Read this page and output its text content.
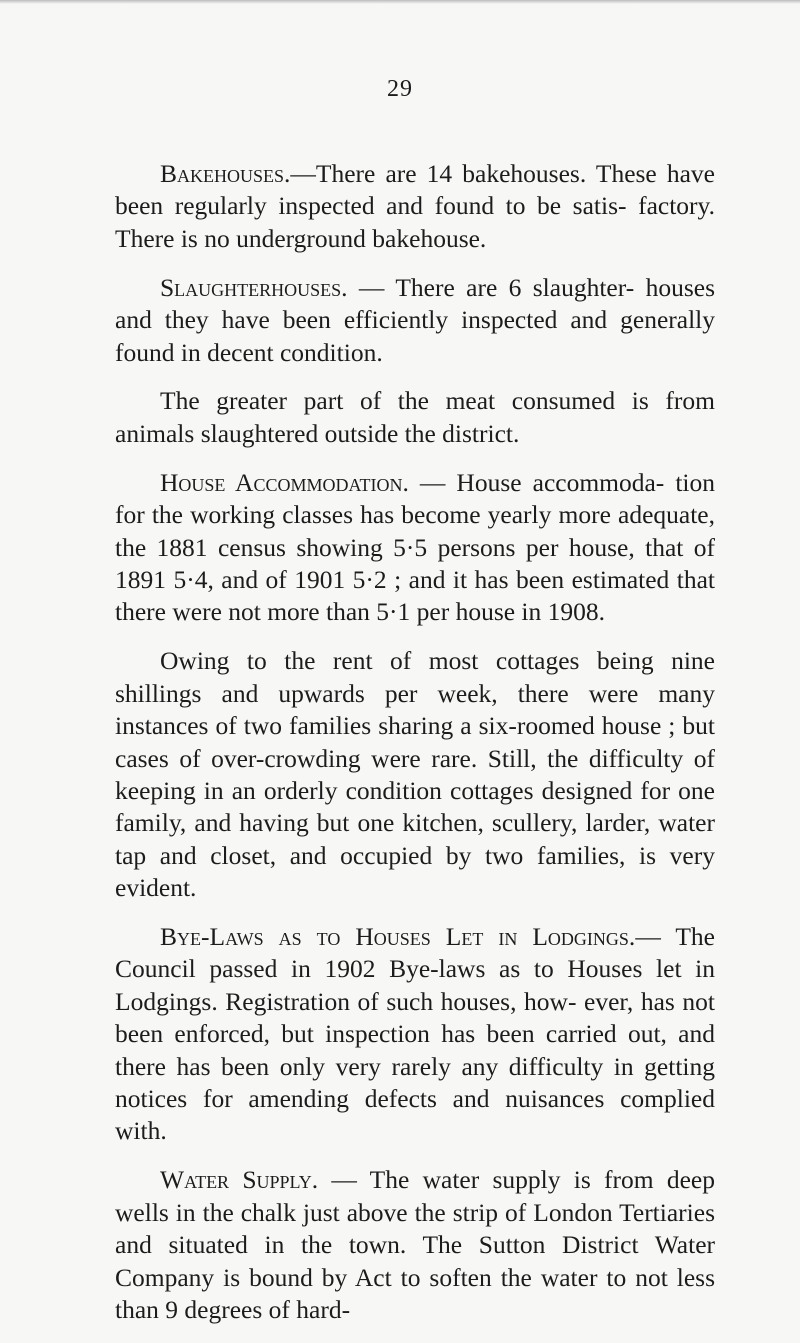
29

Bakehouses.—There are 14 bakehouses. These have been regularly inspected and found to be satis- factory. There is no underground bakehouse.

Slaughterhouses. — There are 6 slaughter- houses and they have been efficiently inspected and generally found in decent condition.

The greater part of the meat consumed is from animals slaughtered outside the district.

House Accommodation. — House accommoda- tion for the working classes has become yearly more adequate, the 1881 census showing 5·5 persons per house, that of 1891 5·4, and of 1901 5·2 ; and it has been estimated that there were not more than 5·1 per house in 1908.

Owing to the rent of most cottages being nine shillings and upwards per week, there were many instances of two families sharing a six-roomed house ; but cases of over-crowding were rare. Still, the difficulty of keeping in an orderly condition cottages designed for one family, and having but one kitchen, scullery, larder, water tap and closet, and occupied by two families, is very evident.

Bye-Laws as to Houses Let in Lodgings.— The Council passed in 1902 Bye-laws as to Houses let in Lodgings. Registration of such houses, how- ever, has not been enforced, but inspection has been carried out, and there has been only very rarely any difficulty in getting notices for amending defects and nuisances complied with.

Water Supply. — The water supply is from deep wells in the chalk just above the strip of London Tertiaries and situated in the town. The Sutton District Water Company is bound by Act to soften the water to not less than 9 degrees of hard-
